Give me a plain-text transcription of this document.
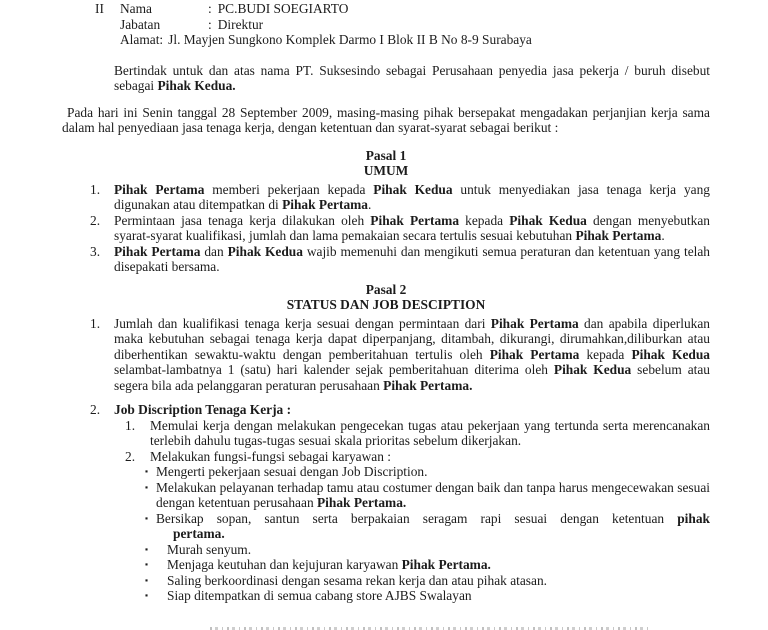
II Nama	: PC.BUDI SOEGIARTO
Jabatan	: Direktur
Alamat: Jl. Mayjen Sungkono Komplek Darmo I Blok II B No 8-9 Surabaya

Bertindak untuk dan atas nama PT. Suksesindo sebagai Perusahaan penyedia jasa pekerja / buruh disebut sebagai Pihak Kedua.

Pada hari ini Senin tanggal 28 September 2009, masing-masing pihak bersepakat mengadakan perjanjian kerja sama dalam hal penyediaan jasa tenaga kerja, dengan ketentuan dan syarat-syarat sebagai berikut :

Pasal 1
UMUM
1.	Pihak Pertama memberi pekerjaan kepada Pihak Kedua untuk menyediakan jasa tenaga kerja yang digunakan atau ditempatkan di Pihak Pertama.
2.	Permintaan jasa tenaga kerja dilakukan oleh Pihak Pertama kepada Pihak Kedua dengan menyebutkan syarat-syarat kualifikasi, jumlah dan lama pemakaian secara tertulis sesuai kebutuhan Pihak Pertama.
3.	Pihak Pertama dan Pihak Kedua wajib memenuhi dan mengikuti semua peraturan dan ketentuan yang telah disepakati bersama.
Pasal 2
STATUS DAN JOB DESCIPTION
1.	Jumlah dan kualifikasi tenaga kerja sesuai dengan permintaan dari Pihak Pertama dan apabila diperlukan maka kebutuhan sebagai tenaga kerja dapat diperpanjang, ditambah, dikurangi, dirumahkan,diliburkan atau diberhentikan sewaktu-waktu dengan pemberitahuan tertulis oleh Pihak Pertama kepada Pihak Kedua selambat-lambatnya 1 (satu) hari kalender sejak pemberitahuan diterima oleh Pihak Kedua sebelum atau segera bila ada pelanggaran peraturan perusahaan Pihak Pertama.
2.	Job Discription Tenaga Kerja :
1.	Memulai kerja dengan melakukan pengecekan tugas atau pekerjaan yang tertunda serta merencanakan terlebih dahulu tugas-tugas sesuai skala prioritas sebelum dikerjakan.
2.	Melakukan fungsi-fungsi sebagai karyawan :
▪ Mengerti pekerjaan sesuai dengan Job Discription.
▪ Melakukan pelayanan terhadap tamu atau costumer dengan baik dan tanpa harus mengecewakan sesuai dengan ketentuan perusahaan Pihak Pertama.
▪ Bersikap sopan, santun serta berpakaian seragam rapi sesuai dengan ketentuan pihak
pertama.
▪	Murah senyum.
▪	Menjaga keutuhan dan kejujuran karyawan Pihak Pertama.
▪	Saling berkoordinasi dengan sesama rekan kerja dan atau pihak atasan.
▪	Siap ditempatkan di semua cabang store AJBS Swalayan
